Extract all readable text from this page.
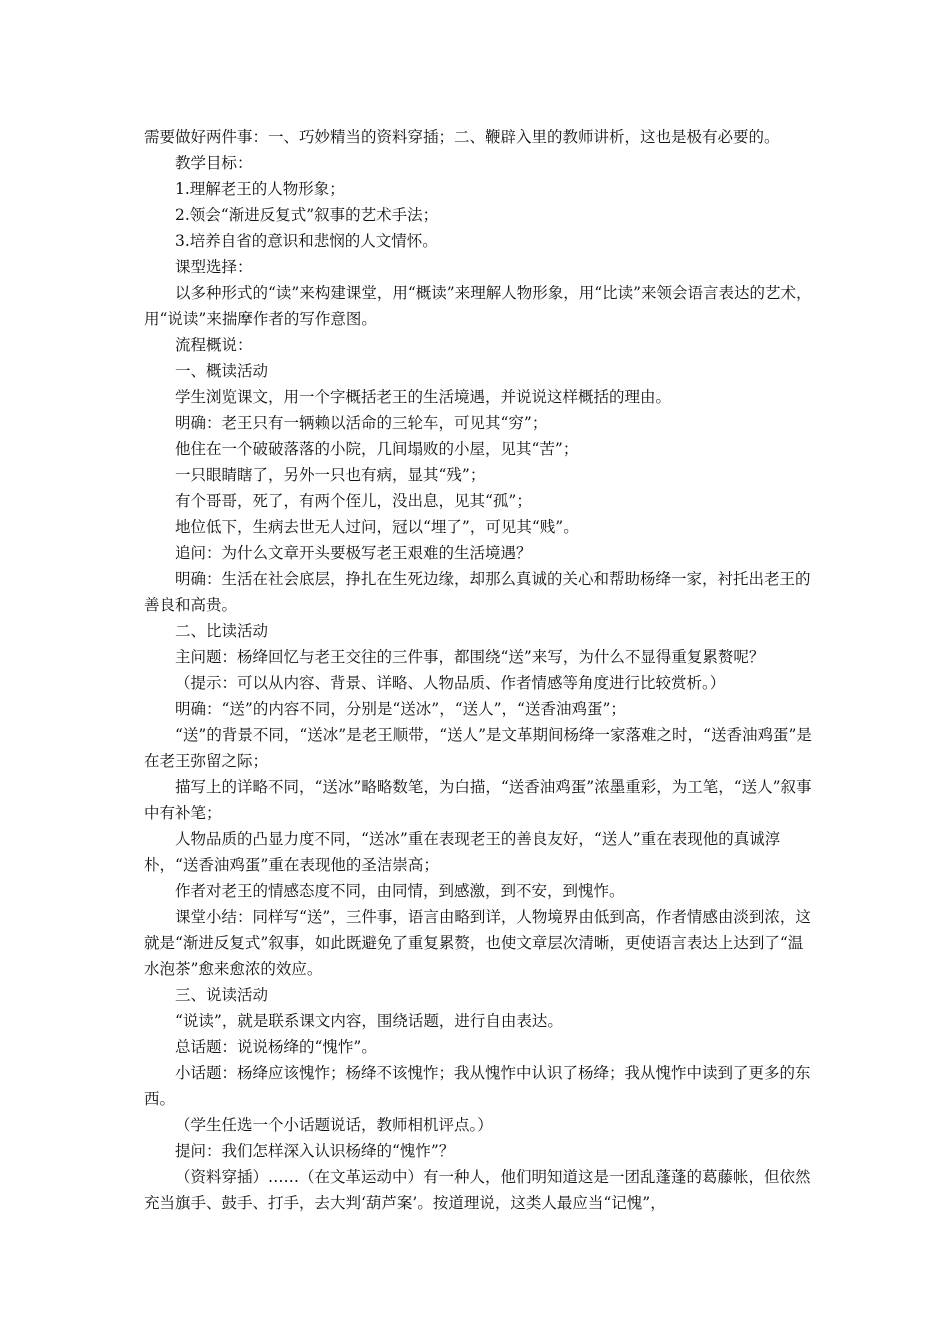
需要做好两件事：一、巧妙精当的资料穿插；二、鞭辟入里的教师讲析，这也是极有必要的。

教学目标：

1.理解老王的人物形象；

2.领会“渐进反复式”叙事的艺术手法；

3.培养自省的意识和悲悯的人文情怀。

课型选择：

以多种形式的“读”来构建课堂，用“概读”来理解人物形象，用“比读”来领会语言表达的艺术，用“说读”来揣摩作者的写作意图。

流程概说：

一、概读活动

学生浏览课文，用一个字概括老王的生活境遇，并说说这样概括的理由。

明确：老王只有一辆赖以活命的三轮车，可见其“穷”；

他住在一个破破落落的小院，几间塌败的小屋，见其“苦”；

一只眼睛瞎了，另外一只也有病，显其“残”；

有个哥哥，死了，有两个侄儿，没出息，见其“孤”；

地位低下，生病去世无人过问，冠以“埋了”，可见其“贱”。

追问：为什么文章开头要极写老王艰难的生活境遇？

明确：生活在社会底层，挣扎在生死边缘，却那么真诚的关心和帮助杨绛一家，衬托出老王的善良和高贵。

二、比读活动

主问题：杨绛回忆与老王交往的三件事，都围绕“送”来写，为什么不显得重复累赘呢？

（提示：可以从内容、背景、详略、人物品质、作者情感等角度进行比较赏析。）

明确：“送”的内容不同，分别是“送冰”，“送人”，“送香油鸡蛋”；

“送”的背景不同，“送冰”是老王顺带，“送人”是文革期间杨绛一家落难之时，“送香油鸡蛋”是在老王弥留之际；

描写上的详略不同，“送冰”略略数笔，为白描，“送香油鸡蛋”浓墨重彩，为工笔，“送人”叙事中有补笔；

人物品质的凸显力度不同，“送冰”重在表现老王的善良友好，“送人”重在表现他的真诚淳朴，“送香油鸡蛋”重在表现他的圣洁崇高；

作者对老王的情感态度不同，由同情，到感激，到不安，到愧怍。

课堂小结：同样写“送”，三件事，语言由略到详，人物境界由低到高，作者情感由淡到浓，这就是“渐进反复式”叙事，如此既避免了重复累赘，也使文章层次清晰，更使语言表达上达到了“温水泡茶”愈来愈浓的效应。

三、说读活动

“说读”，就是联系课文内容，围绕话题，进行自由表达。

总话题：说说杨绛的“愧怍”。

小话题：杨绛应该愧怍；杨绛不该愧怍；我从愧怍中认识了杨绛；我从愧怍中读到了更多的东西。

（学生任选一个小话题说话，教师相机评点。）

提问：我们怎样深入认识杨绛的“愧怍”？

（资料穿插）……（在文革运动中）有一种人，他们明知道这是一团乱蓬蓬的葛藤帐，但依然充当旗手、鼓手、打手，去大判‘葫芦案’。按道理说，这类人最应当“记愧”，
